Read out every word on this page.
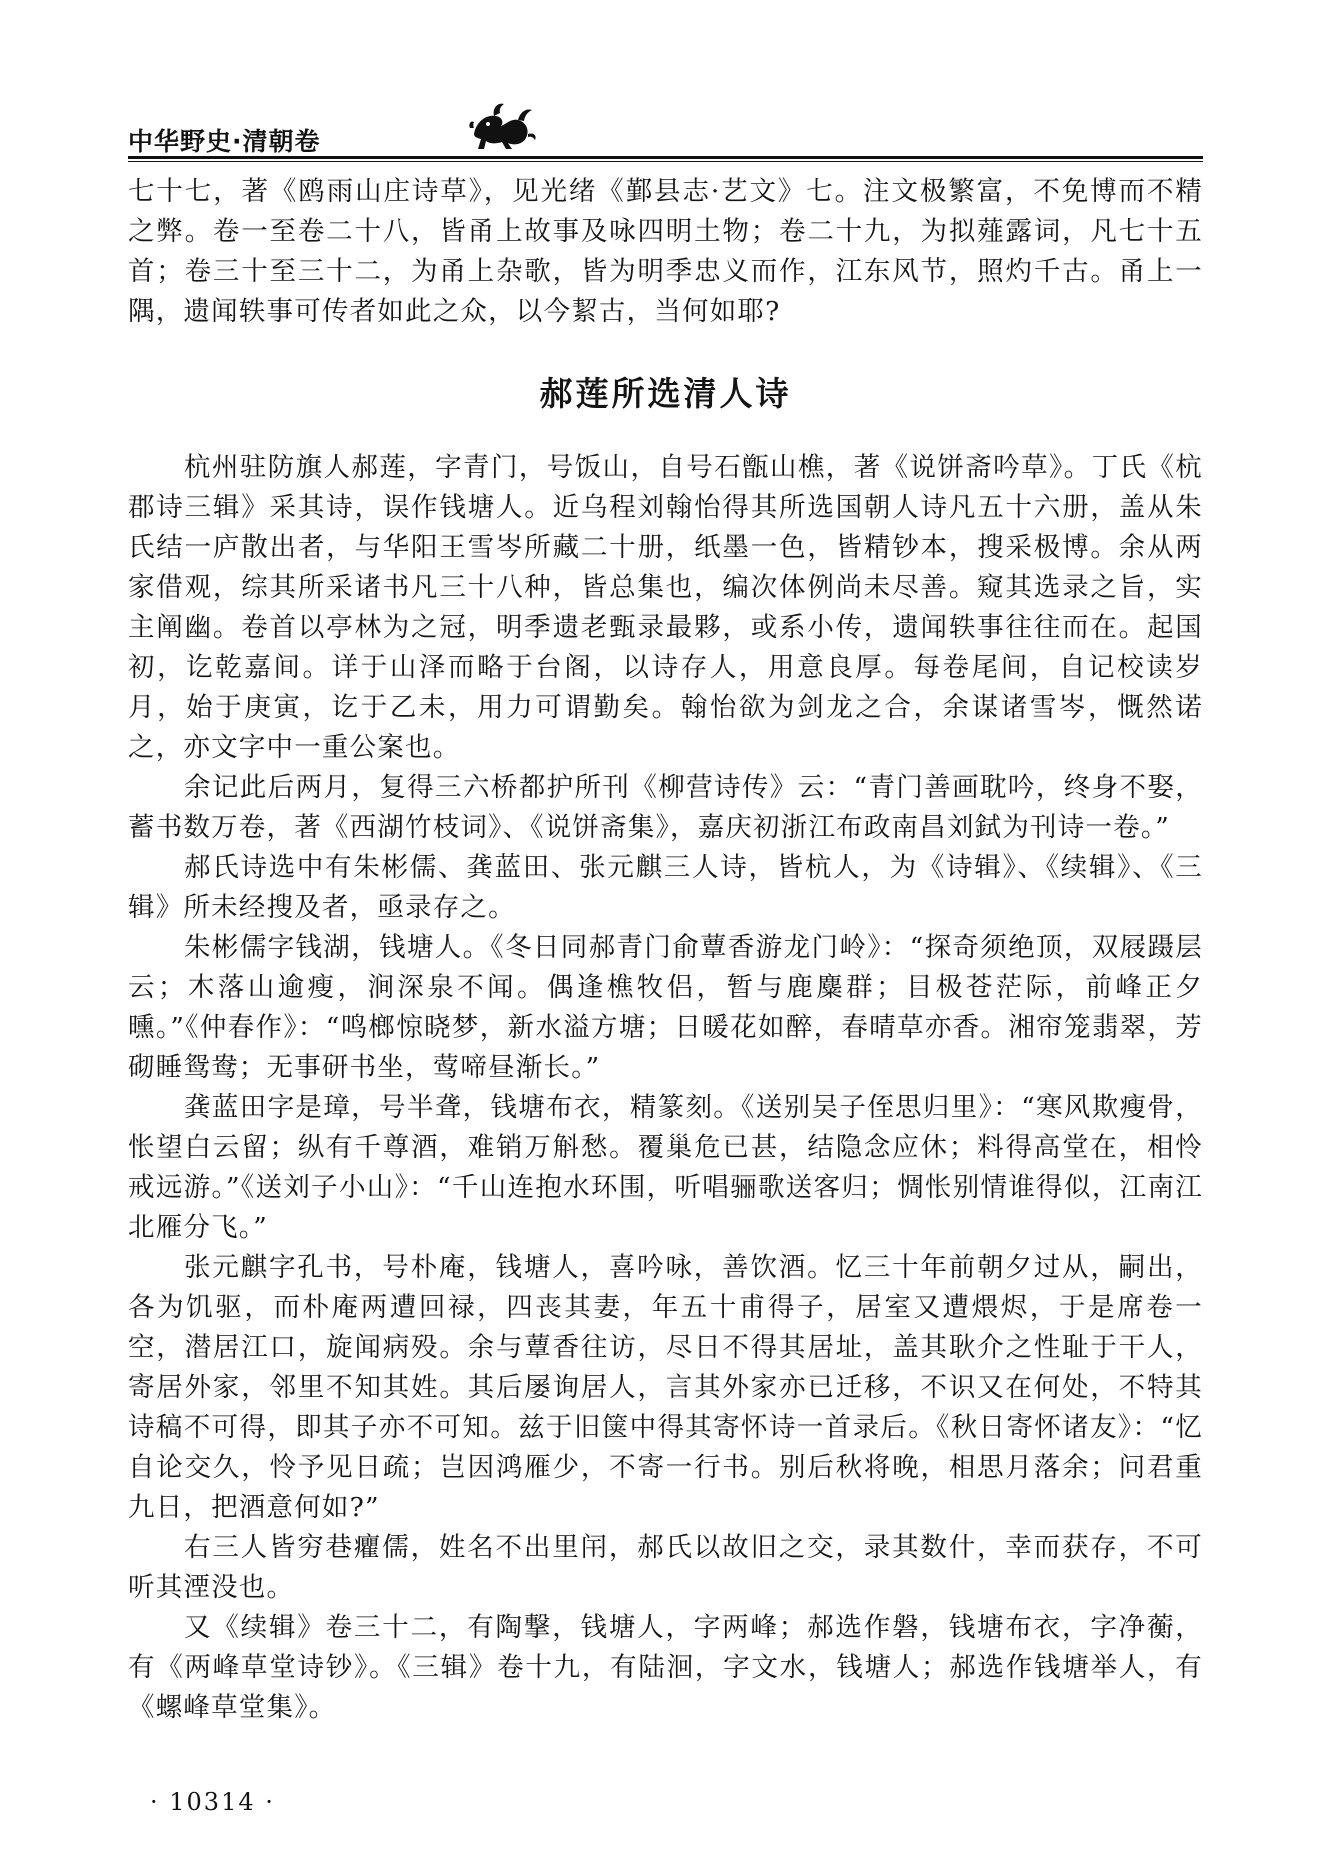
中华野史·清朝卷

七十七，著《鸥雨山庄诗草》，见光绪《鄞县志·艺文》七。注文极繁富，不免博而不精之弊。卷一至卷二十八，皆甬上故事及咏四明土物；卷二十九，为拟薤露词，凡七十五首；卷三十至三十二，为甬上杂歌，皆为明季忠义而作，江东风节，照灼千古。甬上一隅，遗闻轶事可传者如此之众，以今絜古，当何如耶?

郝莲所选清人诗

杭州驻防旗人郝莲，字青门，号饭山，自号石甑山樵，著《说饼斋吟草》。丁氏《杭郡诗三辑》采其诗，误作钱塘人。近乌程刘翰怡得其所选国朝人诗凡五十六册，盖从朱氏结一庐散出者，与华阳王雪岑所藏二十册，纸墨一色，皆精钞本，搜采极博。余从两家借观，综其所采诸书凡三十八种，皆总集也，编次体例尚未尽善。窥其选录之旨，实主阐幽。卷首以亭林为之冠，明季遗老甄录最夥，或系小传，遗闻轶事往往而在。起国初，讫乾嘉间。详于山泽而略于台阁，以诗存人，用意良厚。每卷尾间，自记校读岁月，始于庚寅，讫于乙未，用力可谓勤矣。翰怡欲为剑龙之合，余谋诸雪岑，慨然诺之，亦文字中一重公案也。

余记此后两月，复得三六桥都护所刊《柳营诗传》云：“青门善画耽吟，终身不娶，蓄书数万卷，著《西湖竹枝词》、《说饼斋集》，嘉庆初浙江布政南昌刘鉽为刊诗一卷。”

郝氏诗选中有朱彬儒、龚蓝田、张元麒三人诗，皆杭人，为《诗辑》、《续辑》、《三辑》所未经搜及者，亟录存之。

朱彬儒字钱湖，钱塘人。《冬日同郝青门俞蕈香游龙门岭》：“探奇须绝顶，双屐蹑层云；木落山逾瘦，涧深泉不闻。偶逢樵牧侣，暂与鹿麋群；目极苍茫际，前峰正夕曛。”《仲春作》：“鸣榔惊晓梦，新水溢方塘；日暖花如醉，春晴草亦香。湘帘笼翡翠，芳砌睡鸳鸯；无事研书坐，莺啼昼渐长。”

龚蓝田字是璋，号半聋，钱塘布衣，精篆刻。《送别吴子侄思归里》：“寒风欺瘦骨，怅望白云留；纵有千尊酒，难销万斛愁。覆巢危已甚，结隐念应休；料得高堂在，相怜戒远游。”《送刘子小山》：“千山连抱水环围，听唱骊歌送客归；惆怅别情谁得似，江南江北雁分飞。”

张元麒字孔书，号朴庵，钱塘人，喜吟咏，善饮酒。忆三十年前朝夕过从，嗣出，各为饥驱，而朴庵两遭回禄，四丧其妻，年五十甫得子，居室又遭煨烬，于是席卷一空，潜居江口，旋闻病殁。余与蕈香往访，尽日不得其居址，盖其耿介之性耻于干人，寄居外家，邻里不知其姓。其后屡询居人，言其外家亦已迁移，不识又在何处，不特其诗稿不可得，即其子亦不可知。兹于旧箧中得其寄怀诗一首录后。《秋日寄怀诸友》：“忆自论交久，怜予见日疏；岂因鸿雁少，不寄一行书。别后秋将晚，相思月落余；问君重九日，把酒意何如?”

右三人皆穷巷癯儒，姓名不出里闬，郝氏以故旧之交，录其数什，幸而获存，不可听其湮没也。

又《续辑》卷三十二，有陶撃，钱塘人，字两峰；郝选作磐，钱塘布衣，字净蘅，有《两峰草堂诗钞》。《三辑》卷十九，有陆洄，字文水，钱塘人；郝选作钱塘举人，有《螺峰草堂集》。

· 10314 ·
